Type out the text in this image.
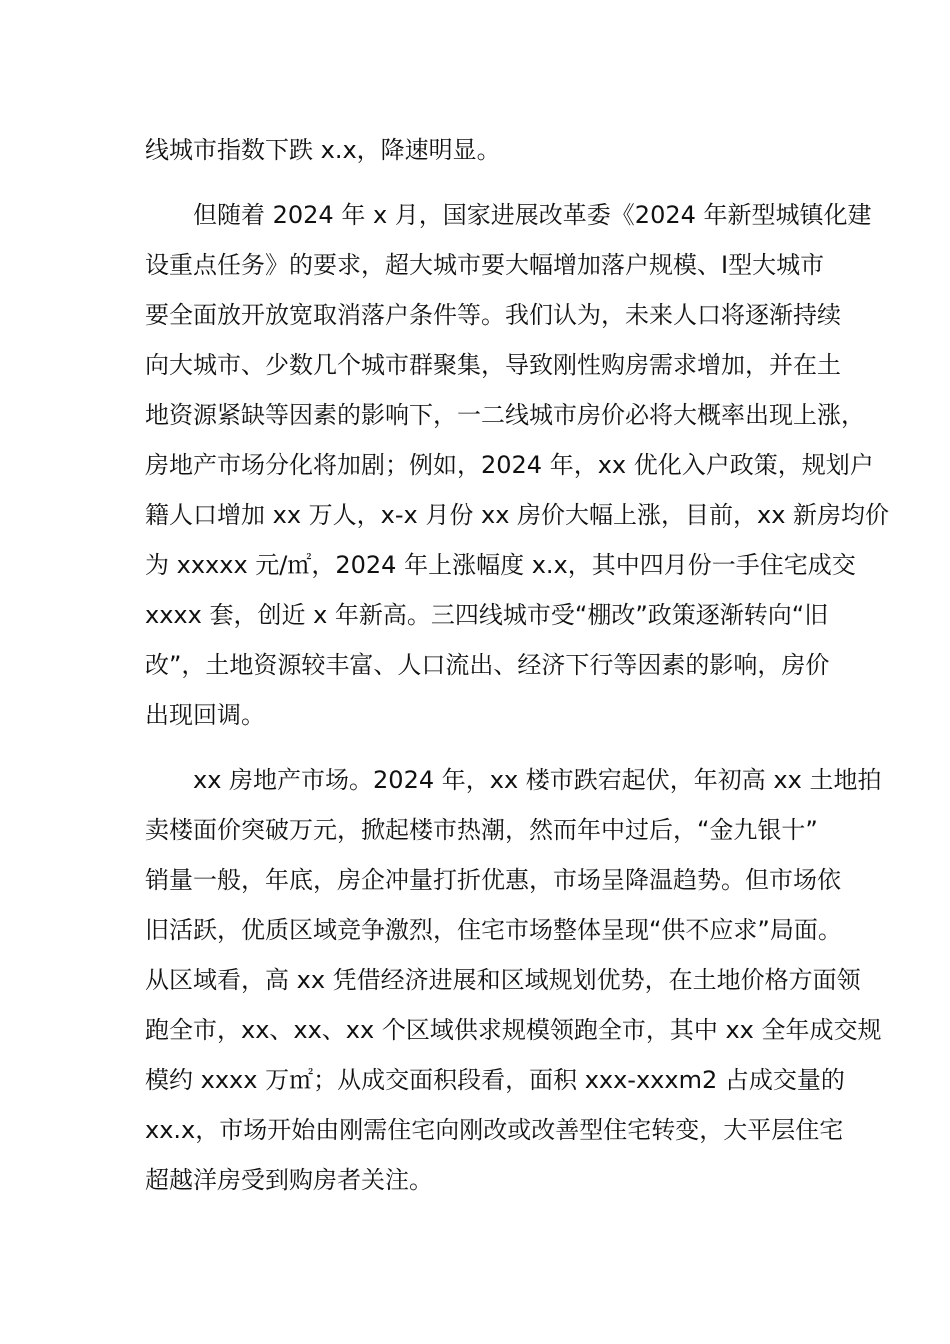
线城市指数下跌 x.x，降速明显。
但随着 2024 年 x 月，国家进展改革委《2024 年新型城镇化建
设重点任务》的要求，超大城市要大幅增加落户规模、Ⅰ型大城市
要全面放开放宽取消落户条件等。我们认为，未来人口将逐渐持续
向大城市、少数几个城市群聚集，导致刚性购房需求增加，并在土
地资源紧缺等因素的影响下，一二线城市房价必将大概率出现上涨，
房地产市场分化将加剧；例如，2024 年，xx 优化入户政策，规划户
籍人口增加 xx 万人，x-x 月份 xx 房价大幅上涨，目前，xx 新房均价
为 xxxxx 元/㎡，2024 年上涨幅度 x.x，其中四月份一手住宅成交
xxxx 套，创近 x 年新高。三四线城市受“棚改”政策逐渐转向“旧
改”，土地资源较丰富、人口流出、经济下行等因素的影响，房价
出现回调。
xx 房地产市场。2024 年，xx 楼市跌宕起伏，年初高 xx 土地拍
卖楼面价突破万元，掀起楼市热潮，然而年中过后，“金九银十”
销量一般，年底，房企冲量打折优惠，市场呈降温趋势。但市场依
旧活跃，优质区域竞争激烈，住宅市场整体呈现“供不应求”局面。
从区域看，高 xx 凭借经济进展和区域规划优势，在土地价格方面领
跑全市，xx、xx、xx 个区域供求规模领跑全市，其中 xx 全年成交规
模约 xxxx 万㎡；从成交面积段看，面积 xxx-xxxm2 占成交量的
xx.x，市场开始由刚需住宅向刚改或改善型住宅转变，大平层住宅
超越洋房受到购房者关注。
